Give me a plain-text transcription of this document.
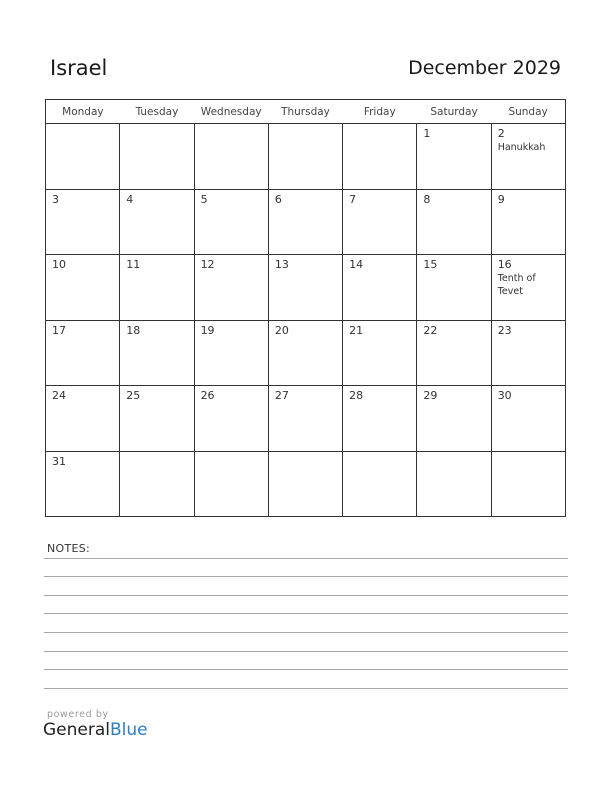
Israel	December 2029
Monday	Tuesday	Wednesday	Thursday	Friday	Saturday	Sunday

					1	2
Hanukkah

3	4	5	6	7	8	9

10	11	12	13	14	15	16
Tenth of Tevet

17	18	19	20	21	22	23

24	25	26	27	28	29	30

31						

NOTES:
powered by
GeneralBlue
